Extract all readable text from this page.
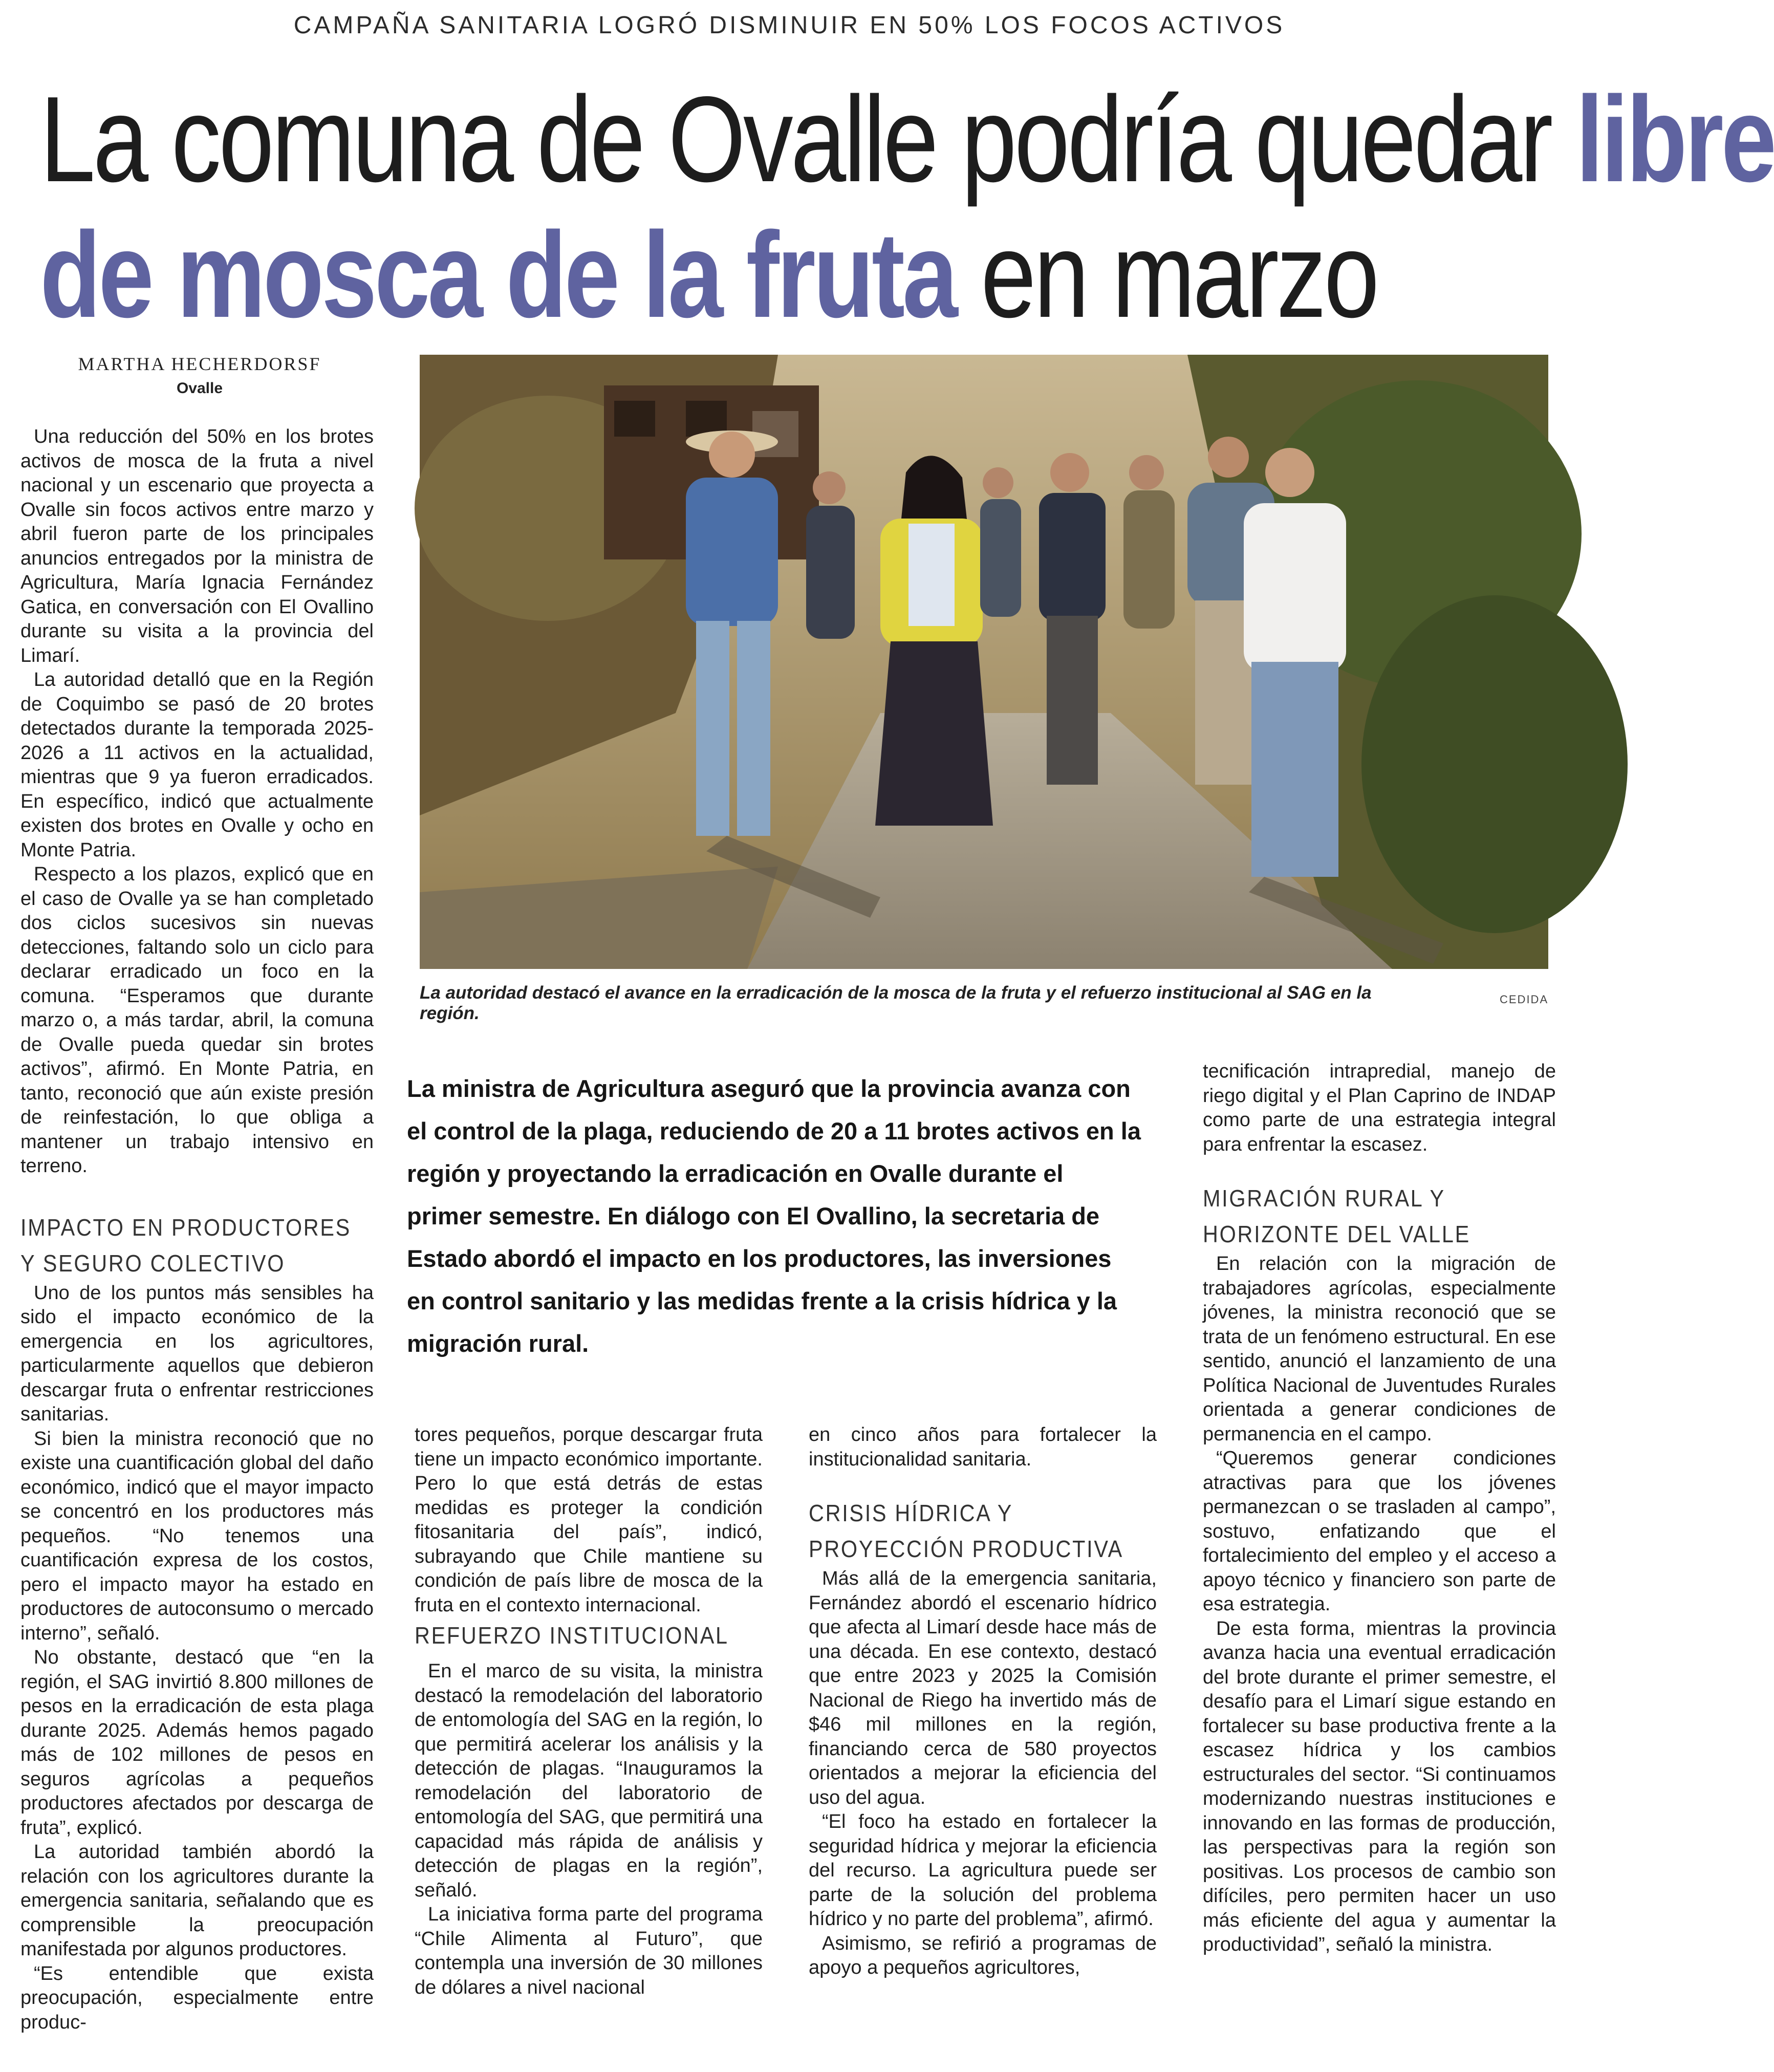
CAMPAÑA SANITARIA LOGRÓ DISMINUIR EN 50% LOS FOCOS ACTIVOS
La comuna de Ovalle podría quedar libre
de mosca de la fruta en marzo
MARTHA HECHERDORSF
Ovalle
La autoridad destacó el avance en la erradicación de la mosca de la fruta y el refuerzo institucional al SAG en la región.
CEDIDA

Una reducción del 50% en los brotes activos de mosca de la fruta a nivel nacional y un escenario que proyecta a Ovalle sin focos activos entre marzo y abril fueron parte de los principales anuncios entregados por la ministra de Agricultura, María Ignacia Fernández Gatica, en conversación con El Ovallino durante su visita a la provincia del Limarí.

La autoridad detalló que en la Región de Coquimbo se pasó de 20 brotes detectados durante la temporada 2025-2026 a 11 activos en la actualidad, mientras que 9 ya fueron erradicados. En específico, indicó que actualmente existen dos brotes en Ovalle y ocho en Monte Patria.

Respecto a los plazos, explicó que en el caso de Ovalle ya se han completado dos ciclos sucesivos sin nuevas detecciones, faltando solo un ciclo para declarar erradicado un foco en la comuna. “Esperamos que durante marzo o, a más tardar, abril, la comuna de Ovalle pueda quedar sin brotes activos”, afirmó. En Monte Patria, en tanto, reconoció que aún existe presión de reinfestación, lo que obliga a mantener un trabajo intensivo en terreno.

IMPACTO EN PRODUCTORES
Y SEGURO COLECTIVO

Uno de los puntos más sensibles ha sido el impacto económico de la emergencia en los agricultores, particularmente aquellos que debieron descargar fruta o enfrentar restricciones sanitarias.

Si bien la ministra reconoció que no existe una cuantificación global del daño económico, indicó que el mayor impacto se concentró en los productores más pequeños. “No tenemos una cuantificación expresa de los costos, pero el impacto mayor ha estado en productores de autoconsumo o mercado interno”, señaló.

No obstante, destacó que “en la región, el SAG invirtió 8.800 millones de pesos en la erradicación de esta plaga durante 2025. Además hemos pagado más de 102 millones de pesos en seguros agrícolas a pequeños productores afectados por descarga de fruta”, explicó.

La autoridad también abordó la relación con los agricultores durante la emergencia sanitaria, señalando que es comprensible la preocupación manifestada por algunos productores.

“Es entendible que exista preocupación, especialmente entre produc-

La ministra de Agricultura aseguró que la provincia avanza con el control de la plaga, reduciendo de 20 a 11 brotes activos en la región y proyectando la erradicación en Ovalle durante el primer semestre. En diálogo con El Ovallino, la secretaria de Estado abordó el impacto en los productores, las inversiones en control sanitario y las medidas frente a la crisis hídrica y la migración rural.

tores pequeños, porque descargar fruta tiene un impacto económico importante. Pero lo que está detrás de estas medidas es proteger la condición fitosanitaria del país”, indicó, subrayando que Chile mantiene su condición de país libre de mosca de la fruta en el contexto internacional.

REFUERZO INSTITUCIONAL

En el marco de su visita, la ministra destacó la remodelación del laboratorio de entomología del SAG en la región, lo que permitirá acelerar los análisis y la detección de plagas. “Inauguramos la remodelación del laboratorio de entomología del SAG, que permitirá una capacidad más rápida de análisis y detección de plagas en la región”, señaló.

La iniciativa forma parte del programa “Chile Alimenta al Futuro”, que contempla una inversión de 30 millones de dólares a nivel nacional

en cinco años para fortalecer la institucionalidad sanitaria.

CRISIS HÍDRICA Y
PROYECCIÓN PRODUCTIVA

Más allá de la emergencia sanitaria, Fernández abordó el escenario hídrico que afecta al Limarí desde hace más de una década. En ese contexto, destacó que entre 2023 y 2025 la Comisión Nacional de Riego ha invertido más de $46 mil millones en la región, financiando cerca de 580 proyectos orientados a mejorar la eficiencia del uso del agua.

“El foco ha estado en fortalecer la seguridad hídrica y mejorar la eficiencia del recurso. La agricultura puede ser parte de la solución del problema hídrico y no parte del problema”, afirmó.

Asimismo, se refirió a programas de apoyo a pequeños agricultores,

tecnificación intrapredial, manejo de riego digital y el Plan Caprino de INDAP como parte de una estrategia integral para enfrentar la escasez.

MIGRACIÓN RURAL Y
HORIZONTE DEL VALLE

En relación con la migración de trabajadores agrícolas, especialmente jóvenes, la ministra reconoció que se trata de un fenómeno estructural. En ese sentido, anunció el lanzamiento de una Política Nacional de Juventudes Rurales orientada a generar condiciones de permanencia en el campo.

“Queremos generar condiciones atractivas para que los jóvenes permanezcan o se trasladen al campo”, sostuvo, enfatizando que el fortalecimiento del empleo y el acceso a apoyo técnico y financiero son parte de esa estrategia.

De esta forma, mientras la provincia avanza hacia una eventual erradicación del brote durante el primer semestre, el desafío para el Limarí sigue estando en fortalecer su base productiva frente a la escasez hídrica y los cambios estructurales del sector. “Si continuamos modernizando nuestras instituciones e innovando en las formas de producción, las perspectivas para la región son positivas. Los procesos de cambio son difíciles, pero permiten hacer un uso más eficiente del agua y aumentar la productividad”, señaló la ministra.
